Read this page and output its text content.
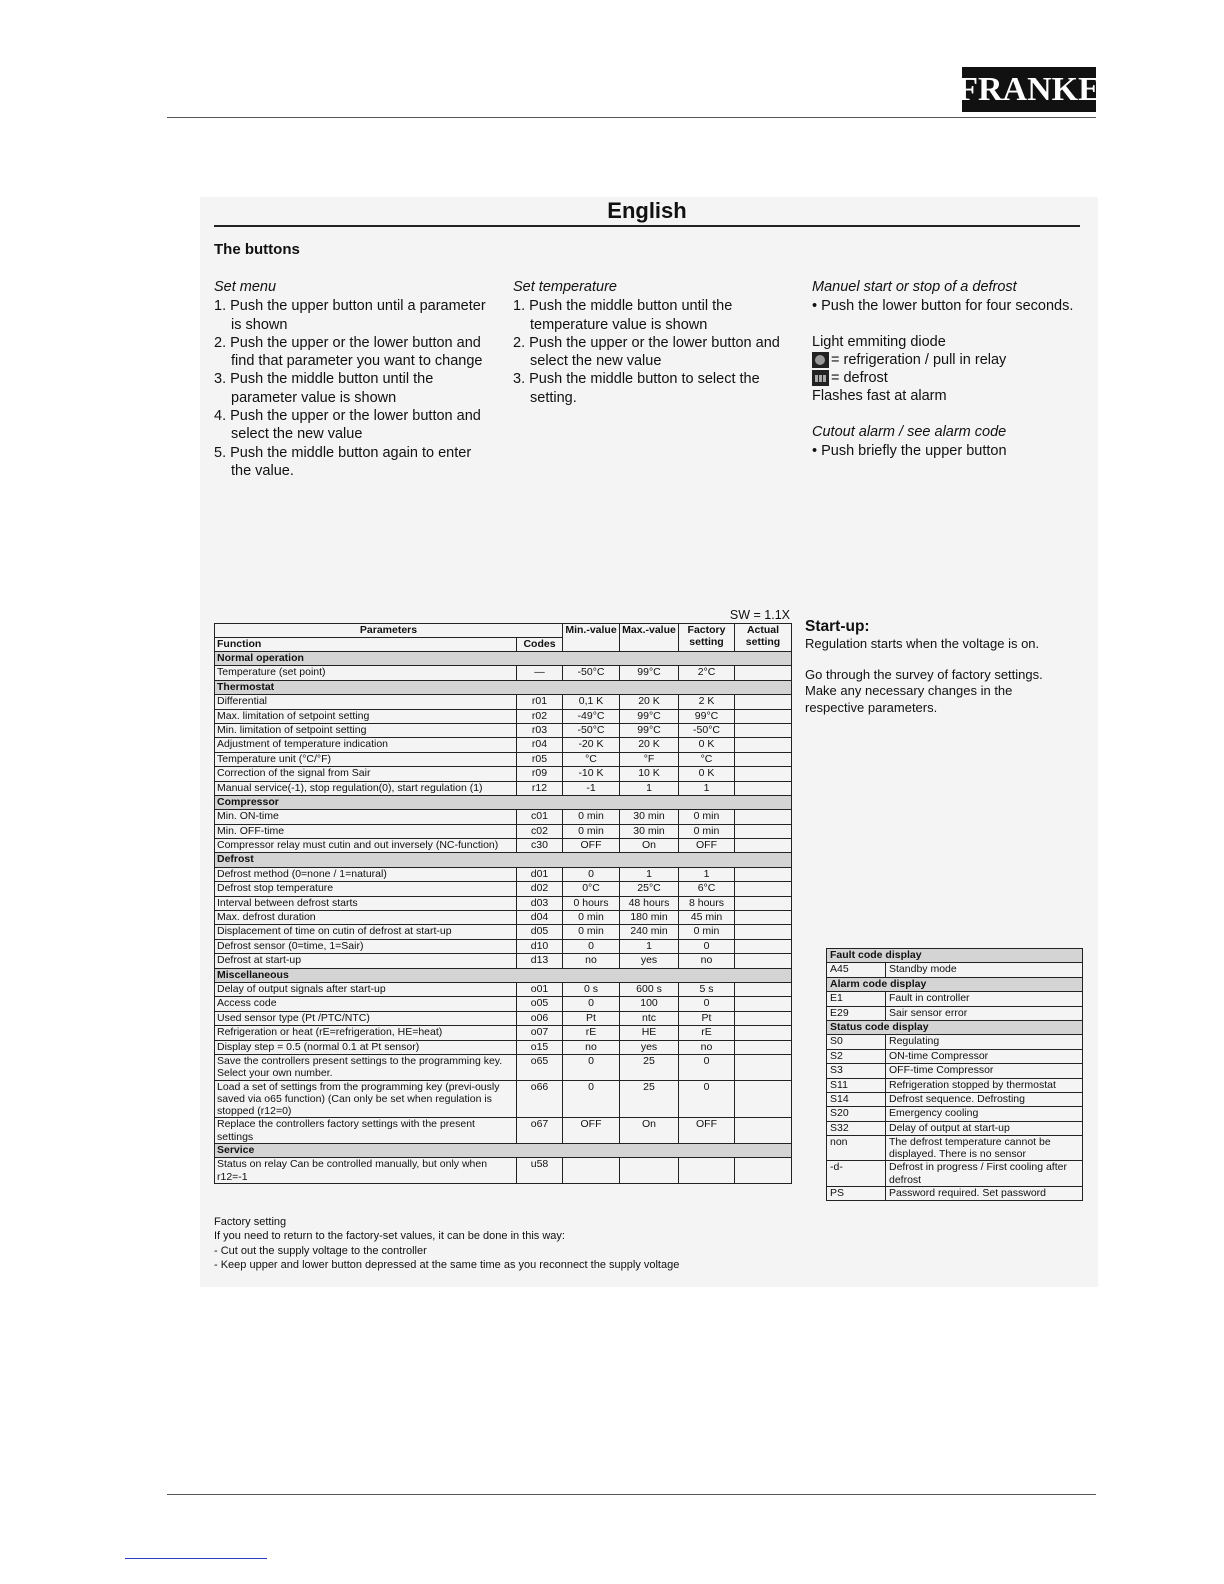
FRANKE
English
The buttons
Set menu
1. Push the upper button until a parameter is shown
2. Push the upper or the lower button and find that parameter you want to change
3. Push the middle button until the parameter value is shown
4. Push the upper or the lower button and select the new value
5. Push the middle button again to enter the value.
Set temperature
1. Push the middle button until the temperature value is shown
2. Push the upper or the lower button and select the new value
3. Push the middle button to select the setting.
Manuel start or stop of a defrost
• Push the lower button for four seconds.
Light emmiting diode
= refrigeration / pull in relay
= defrost
Flashes fast at alarm
Cutout alarm / see alarm code
• Push briefly the upper button
SW = 1.1X
Parameters		Min.-value	Max.-value	Factory setting	Actual setting
Function	Codes				
Normal operation					
Temperature (set point)	—	-50°C	99°C	2°C	
Thermostat					
Differential	r01	0,1 K	20 K	2 K	
Max. limitation of setpoint setting	r02	-49°C	99°C	99°C	
Min. limitation of setpoint setting	r03	-50°C	99°C	-50°C	
Adjustment of temperature indication	r04	-20 K	20 K	0 K	
Temperature unit (°C/°F)	r05	°C	°F	°C	
Correction of the signal from Sair	r09	-10 K	10 K	0 K	
Manual service(-1), stop regulation(0), start regulation (1)	r12	-1	1	1	
Compressor					
Min. ON-time	c01	0 min	30 min	0 min	
Min. OFF-time	c02	0 min	30 min	0 min	
Compressor relay must cutin and out inversely (NC-function)	c30	OFF	On	OFF	
Defrost					
Defrost method (0=none / 1=natural)	d01	0	1	1	
Defrost stop temperature	d02	0°C	25°C	6°C	
Interval between defrost starts	d03	0 hours	48 hours	8 hours	
Max. defrost duration	d04	0 min	180 min	45 min	
Displacement of time on cutin of defrost at start-up	d05	0 min	240 min	0 min	
Defrost sensor (0=time, 1=Sair)	d10	0	1	0	
Defrost at start-up	d13	no	yes	no	
Miscellaneous					
Delay of output signals after start-up	o01	0 s	600 s	5 s	
Access code	o05	0	100	0	
Used sensor type (Pt /PTC/NTC)	o06	Pt	ntc	Pt	
Refrigeration or heat (rE=refrigeration, HE=heat)	o07	rE	HE	rE	
Display step = 0.5 (normal 0.1 at Pt sensor)	o15	no	yes	no	
Save the controllers present settings to the programming key. Select your own number.	o65	0	25	0	
Load a set of settings from the programming key (previ-ously saved via o65 function) (Can only be set when regulation is stopped (r12=0)	o66	0	25	0	
Replace the controllers factory settings with the present settings	o67	OFF	On	OFF	
Service					
Status on relay Can be controlled manually, but only when r12=-1	u58				
Start-up:
Regulation starts when the voltage is on.
Go through the survey of factory settings. Make any necessary changes in the respective parameters.
Fault code display	
A45	Standby mode
Alarm code display	
E1	Fault in controller
E29	Sair sensor error
Status code display	
S0	Regulating
S2	ON-time Compressor
S3	OFF-time Compressor
S11	Refrigeration stopped by thermostat
S14	Defrost sequence. Defrosting
S20	Emergency cooling
S32	Delay of output at start-up
non	The defrost temperature cannot be displayed. There is no sensor
-d-	Defrost in progress / First cooling after defrost
PS	Password required. Set password
Factory setting
If you need to return to the factory-set values, it can be done in this way:
- Cut out the supply voltage to the controller
- Keep upper and lower button depressed at the same time as you reconnect the supply voltage
